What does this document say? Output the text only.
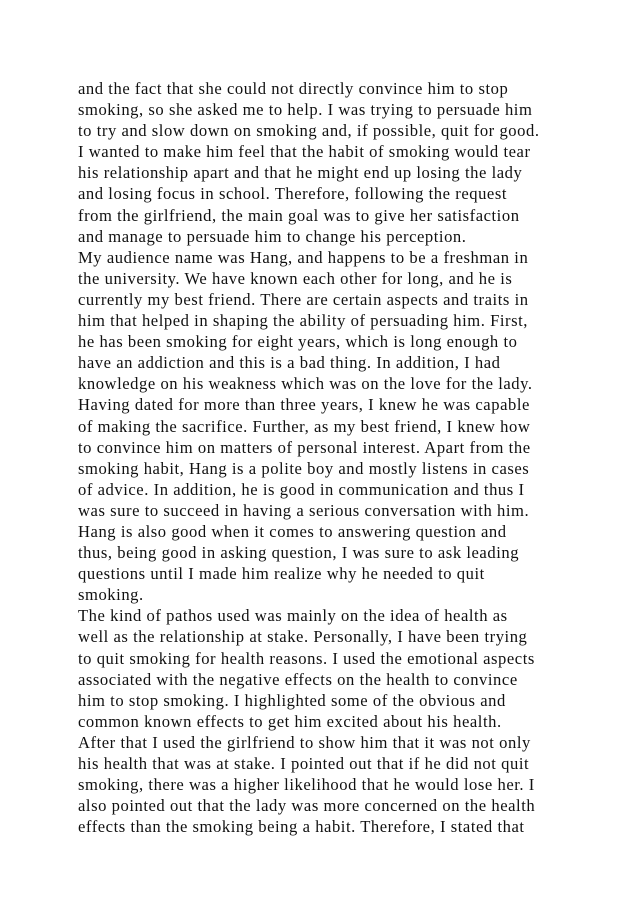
and the fact that she could not directly convince him to stop
smoking, so she asked me to help. I was trying to persuade him
to try and slow down on smoking and, if possible, quit for good.
I wanted to make him feel that the habit of smoking would tear
his relationship apart and that he might end up losing the lady
and losing focus in school. Therefore, following the request
from the girlfriend, the main goal was to give her satisfaction
and manage to persuade him to change his perception.
My audience name was Hang, and happens to be a freshman in
the university. We have known each other for long, and he is
currently my best friend. There are certain aspects and traits in
him that helped in shaping the ability of persuading him. First,
he has been smoking for eight years, which is long enough to
have an addiction and this is a bad thing. In addition, I had
knowledge on his weakness which was on the love for the lady.
Having dated for more than three years, I knew he was capable
of making the sacrifice. Further, as my best friend, I knew how
to convince him on matters of personal interest. Apart from the
smoking habit, Hang is a polite boy and mostly listens in cases
of advice. In addition, he is good in communication and thus I
was sure to succeed in having a serious conversation with him.
Hang is also good when it comes to answering question and
thus, being good in asking question, I was sure to ask leading
questions until I made him realize why he needed to quit
smoking.
The kind of pathos used was mainly on the idea of health as
well as the relationship at stake. Personally, I have been trying
to quit smoking for health reasons. I used the emotional aspects
associated with the negative effects on the health to convince
him to stop smoking. I highlighted some of the obvious and
common known effects to get him excited about his health.
After that I used the girlfriend to show him that it was not only
his health that was at stake. I pointed out that if he did not quit
smoking, there was a higher likelihood that he would lose her. I
also pointed out that the lady was more concerned on the health
effects than the smoking being a habit. Therefore, I stated that
